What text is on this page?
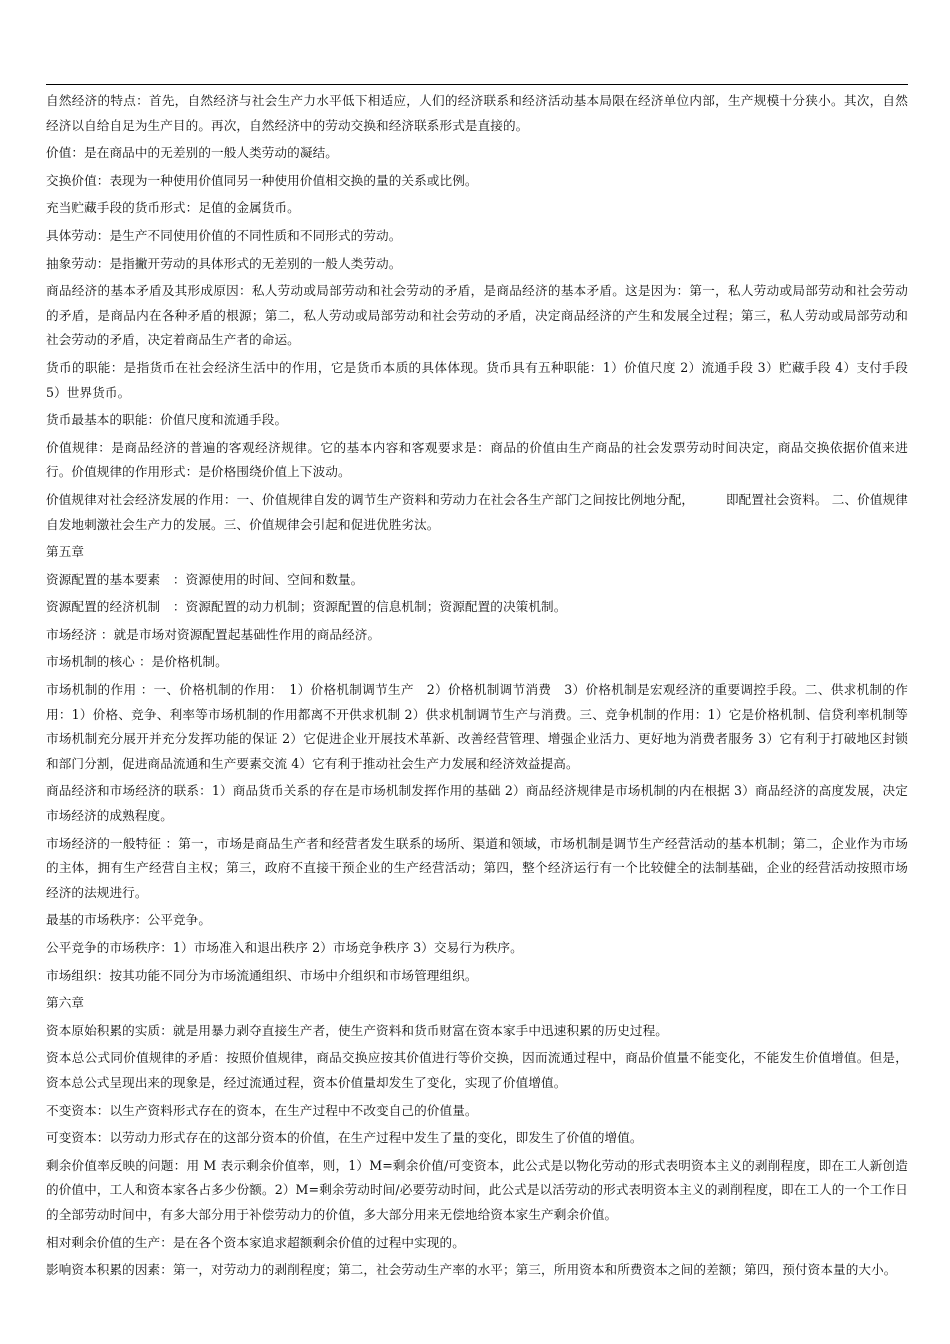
自然经济的特点：首先，自然经济与社会生产力水平低下相适应，人们的经济联系和经济活动基本局限在经济单位内部，生产规模十分狭小。其次，自然经济以自给自足为生产目的。再次，自然经济中的劳动交换和经济联系形式是直接的。

价值：是在商品中的无差别的一般人类劳动的凝结。

交换价值：表现为一种使用价值同另一种使用价值相交换的量的关系或比例。

充当贮藏手段的货币形式：足值的金属货币。

具体劳动：是生产不同使用价值的不同性质和不同形式的劳动。

抽象劳动：是指撇开劳动的具体形式的无差别的一般人类劳动。

商品经济的基本矛盾及其形成原因：私人劳动或局部劳动和社会劳动的矛盾，是商品经济的基本矛盾。这是因为：第一，私人劳动或局部劳动和社会劳动的矛盾，是商品内在各种矛盾的根源；第二，私人劳动或局部劳动和社会劳动的矛盾，决定商品经济的产生和发展全过程；第三，私人劳动或局部劳动和社会劳动的矛盾，决定着商品生产者的命运。

货币的职能：是指货币在社会经济生活中的作用，它是货币本质的具体体现。货币具有五种职能：1）价值尺度 2）流通手段 3）贮藏手段 4）支付手段 5）世界货币。

货币最基本的职能：价值尺度和流通手段。

价值规律：是商品经济的普遍的客观经济规律。它的基本内容和客观要求是：商品的价值由生产商品的社会发票劳动时间决定，商品交换依据价值来进行。价值规律的作用形式：是价格围绕价值上下波动。

价值规律对社会经济发展的作用：一、价值规律自发的调节生产资料和劳动力在社会各生产部门之间按比例地分配，　　　即配置社会资料。 二、价值规律自发地刺激社会生产力的发展。三、价值规律会引起和促进优胜劣汰。

第五章

资源配置的基本要素　：资源使用的时间、空间和数量。

资源配置的经济机制　：资源配置的动力机制；资源配置的信息机制；资源配置的决策机制。

市场经济 ：就是市场对资源配置起基础性作用的商品经济。

市场机制的核心 ：是价格机制。

市场机制的作用 ：一、价格机制的作用：　1）价格机制调节生产　2）价格机制调节消费　3）价格机制是宏观经济的重要调控手段。二、供求机制的作用：1）价格、竞争、利率等市场机制的作用都离不开供求机制 2）供求机制调节生产与消费。三、竞争机制的作用：1）它是价格机制、信贷利率机制等市场机制充分展开并充分发挥功能的保证 2）它促进企业开展技术革新、改善经营管理、增强企业活力、更好地为消费者服务 3）它有利于打破地区封锁和部门分割，促进商品流通和生产要素交流 4）它有利于推动社会生产力发展和经济效益提高。

商品经济和市场经济的联系：1）商品货币关系的存在是市场机制发挥作用的基础 2）商品经济规律是市场机制的内在根据 3）商品经济的高度发展，决定市场经济的成熟程度。

市场经济的一般特征 ：第一，市场是商品生产者和经营者发生联系的场所、渠道和领域，市场机制是调节生产经营活动的基本机制；第二，企业作为市场的主体，拥有生产经营自主权；第三，政府不直接干预企业的生产经营活动；第四，整个经济运行有一个比较健全的法制基础，企业的经营活动按照市场经济的法规进行。

最基的市场秩序：公平竞争。

公平竞争的市场秩序：1）市场准入和退出秩序 2）市场竞争秩序 3）交易行为秩序。

市场组织：按其功能不同分为市场流通组织、市场中介组织和市场管理组织。

第六章

资本原始积累的实质：就是用暴力剥夺直接生产者，使生产资料和货币财富在资本家手中迅速积累的历史过程。

资本总公式同价值规律的矛盾：按照价值规律，商品交换应按其价值进行等价交换，因而流通过程中，商品价值量不能变化，不能发生价值增值。但是，资本总公式呈现出来的现象是，经过流通过程，资本价值量却发生了变化，实现了价值增值。

不变资本：以生产资料形式存在的资本，在生产过程中不改变自己的价值量。

可变资本：以劳动力形式存在的这部分资本的价值，在生产过程中发生了量的变化，即发生了价值的增值。

剩余价值率反映的问题：用 M 表示剩余价值率，则，1）M=剩余价值/可变资本，此公式是以物化劳动的形式表明资本主义的剥削程度，即在工人新创造的价值中，工人和资本家各占多少份额。2）M=剩余劳动时间/必要劳动时间，此公式是以活劳动的形式表明资本主义的剥削程度，即在工人的一个工作日的全部劳动时间中，有多大部分用于补偿劳动力的价值，多大部分用来无偿地给资本家生产剩余价值。

相对剩余价值的生产：是在各个资本家追求超额剩余价值的过程中实现的。

影响资本积累的因素：第一，对劳动力的剥削程度；第二，社会劳动生产率的水平；第三，所用资本和所费资本之间的差额；第四，预付资本量的大小。
